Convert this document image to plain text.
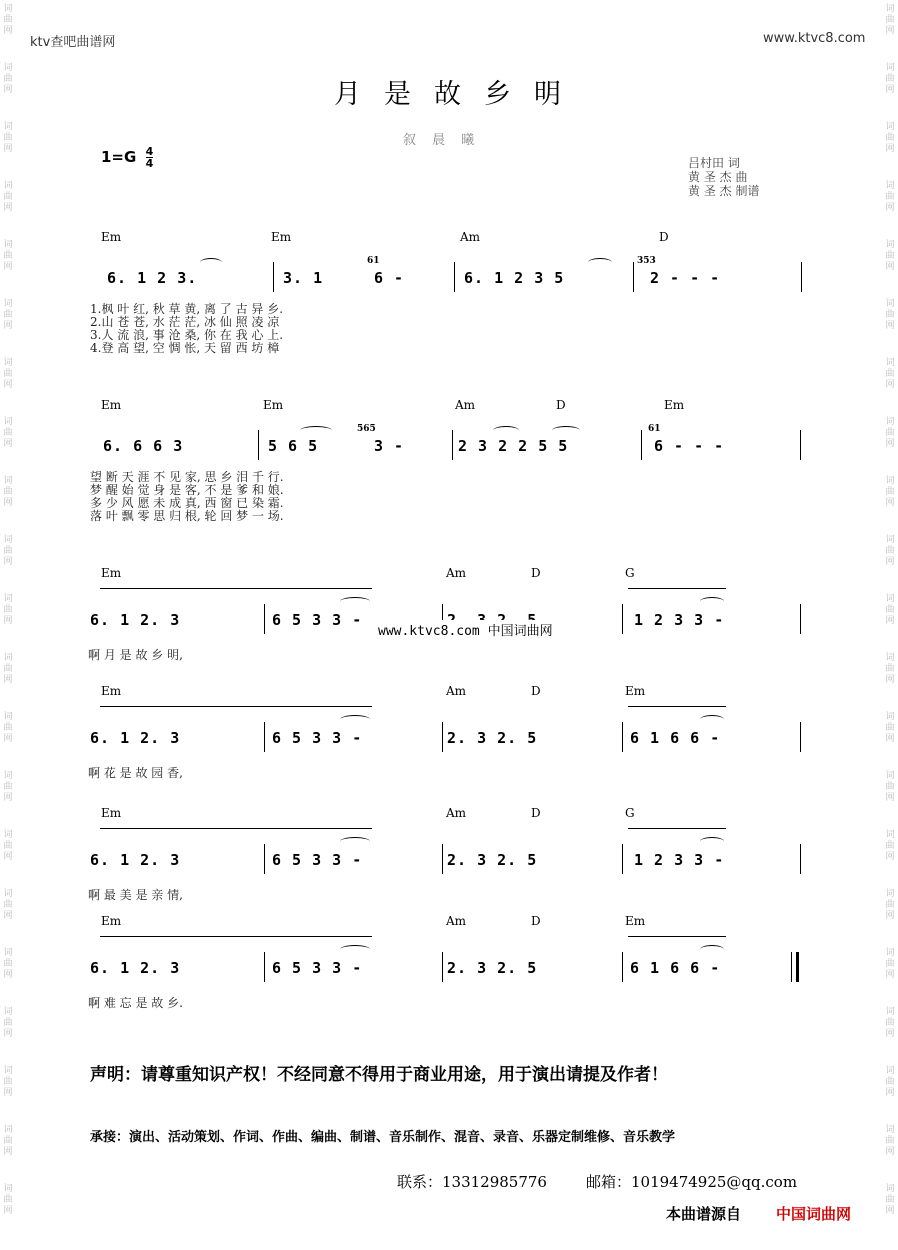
词曲网
词曲网
词曲网
词曲网
词曲网
词曲网
词曲网
词曲网
词曲网
词曲网
词曲网
词曲网
词曲网
词曲网
词曲网
词曲网
词曲网
词曲网
词曲网
词曲网
词曲网
词曲网
词曲网
词曲网
词曲网
词曲网
词曲网
词曲网
词曲网
词曲网
词曲网
词曲网
词曲网
词曲网
词曲网
词曲网
词曲网
词曲网
词曲网
词曲网
词曲网
词曲网
ktv查吧曲谱网	www.ktvc8.com
月是故乡明
叙 晨 曦
$1=G \frac{4}{4}$	吕村田 词
黄 圣 杰 曲
黄 圣 杰 制谱
Em	Em	Am	D
61	353
6. 1 2 3.	3. 1	6 -	6. 1 2 3 5	2 - - -
1.枫 叶 红, 秋 草 黄, 离 了 古 异 乡.
2.山 苍 苍, 水 茫 茫, 冰 仙 照 凌 凉
3.人 流 浪, 事 沧 桑, 你 在 我 心 上.
4.登 高 望, 空 惆 怅, 天 留 西 坊 樟
Em	Em	Am	D	Em
565	61
6. 6 6 3	5 6 5	3 -	2 3 2 2 5 5	6 - - -
望 断 天 涯 不 见 家, 思 乡 泪 千 行.
梦 醒 始 觉 身 是 客, 不 是 爹 和 娘.
多 少 风 愿 未 成 真, 西 窗 已 染 霜.
落 叶 飘 零 思 归 根, 轮 回 梦 一 场.
Em	Am	D	G
6. 1 2. 3	6 5 3 3 -	1 2 3 3 -
啊 月 是 故 乡 明,
Em	Am	D	Em
6. 1 2. 3	6 5 3 3 -	2. 3 2. 5	6 1 6 6 -
啊 花 是 故 园 香,
Em	Am	D	G
6. 1 2. 3	6 5 3 3 -	2. 3 2. 5	1 2 3 3 -
啊 最 美 是 亲 情,
Em	Am	D	Em
6. 1 2. 3	6 5 3 3 -	2. 3 2. 5	6 1 6 6 -
啊 难 忘 是 故 乡.
www.ktvc8.com 中国词曲网
声明：请尊重知识产权！不经同意不得用于商业用途，用于演出请提及作者！
承接：演出、活动策划、作词、作曲、编曲、制谱、音乐制作、混音、录音、乐器定制维修、音乐教学
联系：13312985776	邮箱：1019474925@qq.com
本曲谱源自 中国词曲网
